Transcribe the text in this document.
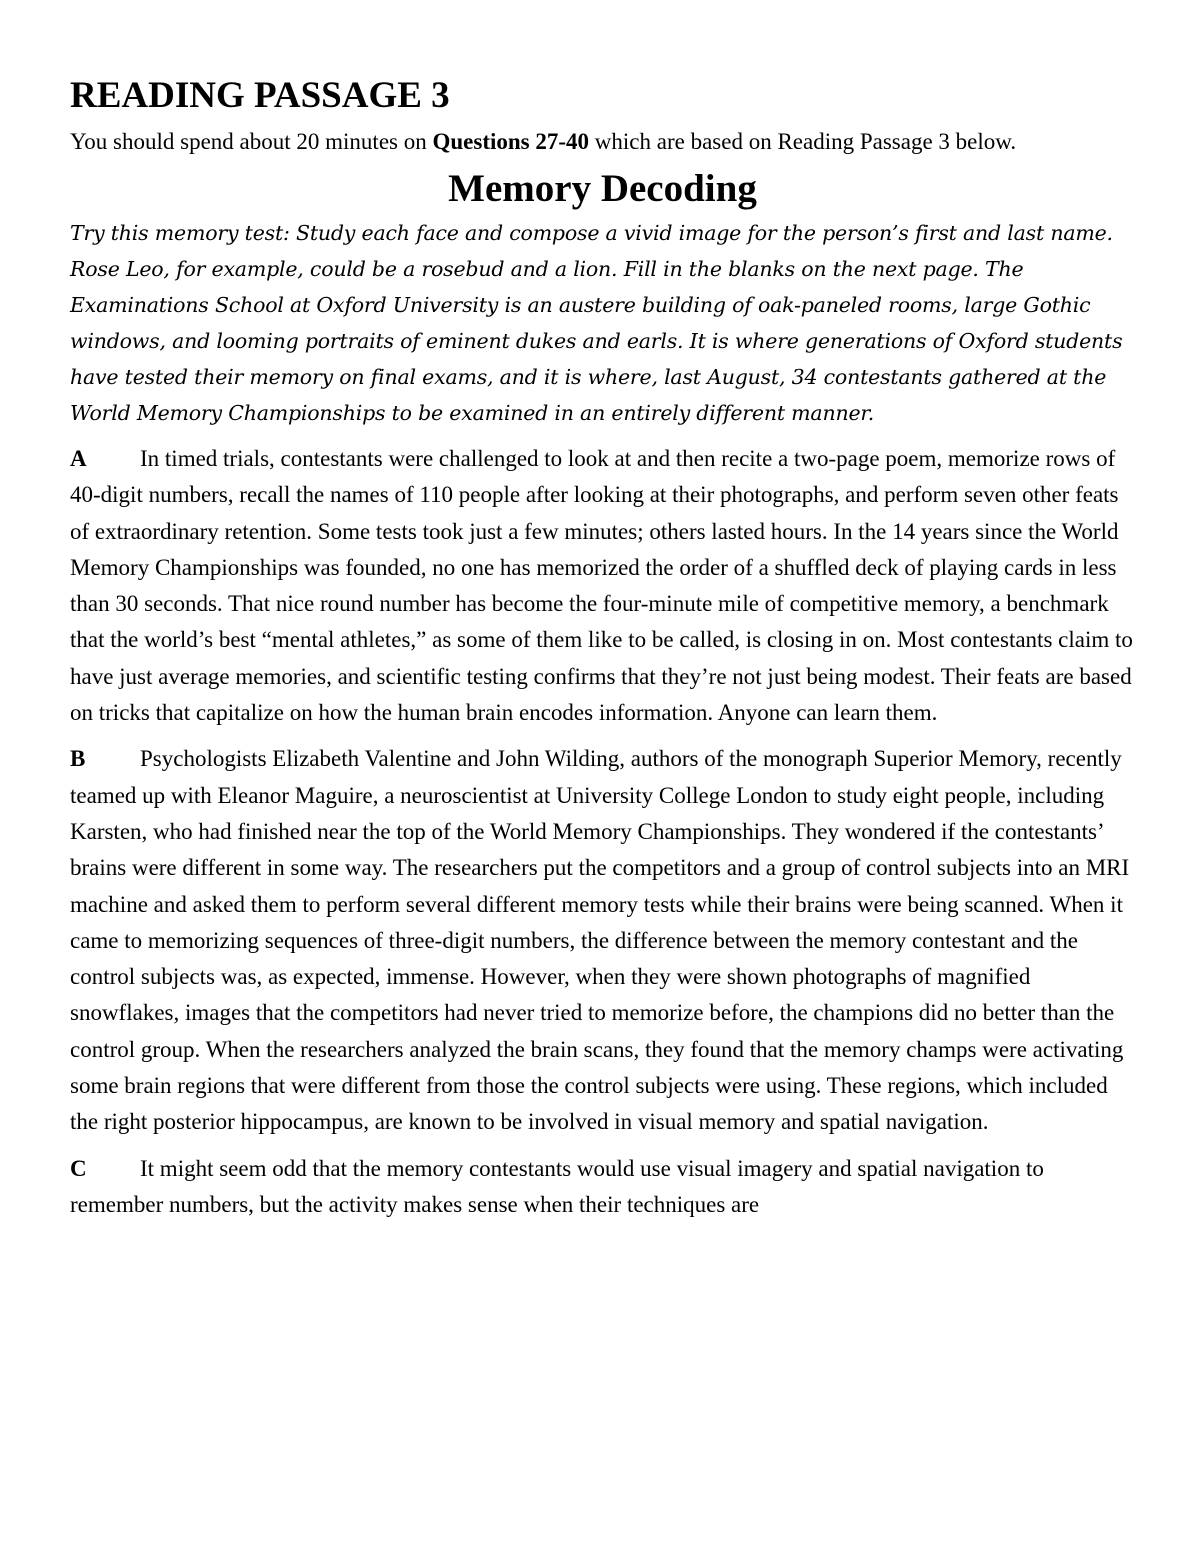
READING PASSAGE 3

You should spend about 20 minutes on Questions 27-40 which are based on Reading Passage 3 below.

Memory Decoding

Try this memory test: Study each face and compose a vivid image for the person’s first and last name. Rose Leo, for example, could be a rosebud and a lion. Fill in the blanks on the next page. The Examinations School at Oxford University is an austere building of oak-paneled rooms, large Gothic windows, and looming portraits of eminent dukes and earls. It is where generations of Oxford students have tested their memory on final exams, and it is where, last August, 34 contestants gathered at the World Memory Championships to be examined in an entirely different manner.

A In timed trials, contestants were challenged to look at and then recite a two-page poem, memorize rows of 40-digit numbers, recall the names of 110 people after looking at their photographs, and perform seven other feats of extraordinary retention. Some tests took just a few minutes; others lasted hours. In the 14 years since the World Memory Championships was founded, no one has memorized the order of a shuffled deck of playing cards in less than 30 seconds. That nice round number has become the four-minute mile of competitive memory, a benchmark that the world’s best “mental athletes,” as some of them like to be called, is closing in on. Most contestants claim to have just average memories, and scientific testing confirms that they’re not just being modest. Their feats are based on tricks that capitalize on how the human brain encodes information. Anyone can learn them.

B Psychologists Elizabeth Valentine and John Wilding, authors of the monograph Superior Memory, recently teamed up with Eleanor Maguire, a neuroscientist at University College London to study eight people, including Karsten, who had finished near the top of the World Memory Championships. They wondered if the contestants’ brains were different in some way. The researchers put the competitors and a group of control subjects into an MRI machine and asked them to perform several different memory tests while their brains were being scanned. When it came to memorizing sequences of three-digit numbers, the difference between the memory contestant and the control subjects was, as expected, immense. However, when they were shown photographs of magnified snowflakes, images that the competitors had never tried to memorize before, the champions did no better than the control group. When the researchers analyzed the brain scans, they found that the memory champs were activating some brain regions that were different from those the control subjects were using. These regions, which included the right posterior hippocampus, are known to be involved in visual memory and spatial navigation.

C It might seem odd that the memory contestants would use visual imagery and spatial navigation to remember numbers, but the activity makes sense when their techniques are
